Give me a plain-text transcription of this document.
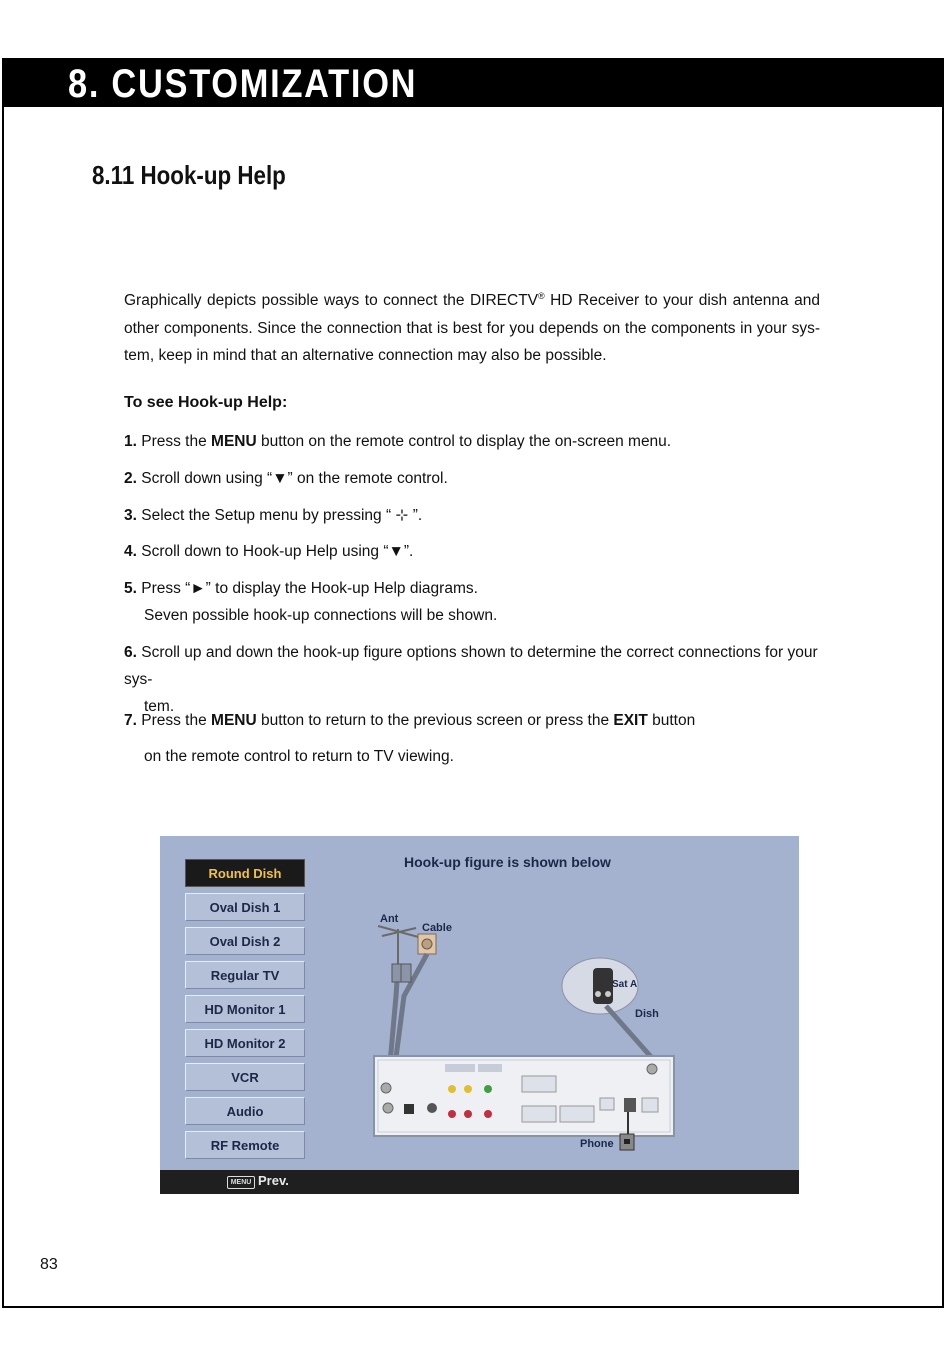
8. CUSTOMIZATION
8.11 Hook-up Help

Graphically depicts possible ways to connect the DIRECTV® HD Receiver to your dish antenna and other components. Since the connection that is best for you depends on the components in your sys-tem, keep in mind that an alternative connection may also be possible.

To see Hook-up Help:

1. Press the MENU button on the remote control to display the on-screen menu.

2. Scroll down using “▼” on the remote control.

3. Select the Setup menu by pressing “ ⊹ ”.

4. Scroll down to Hook-up Help using “▼”.

5. Press “►” to display the Hook-up Help diagrams.
Seven possible hook-up connections will be shown.

6. Scroll up and down the hook-up figure options shown to determine the correct connections for your sys-
tem.

7. Press the MENU button to return to the previous screen or press the EXIT button
on the remote control to return to TV viewing.

Round Dish
Oval Dish 1
Oval Dish 2
Regular TV
HD Monitor 1
HD Monitor 2
VCR
Audio
RF Remote
Hook-up figure is shown below
Ant
Cable
Sat A
Dish
Phone
MENU Prev.
83
